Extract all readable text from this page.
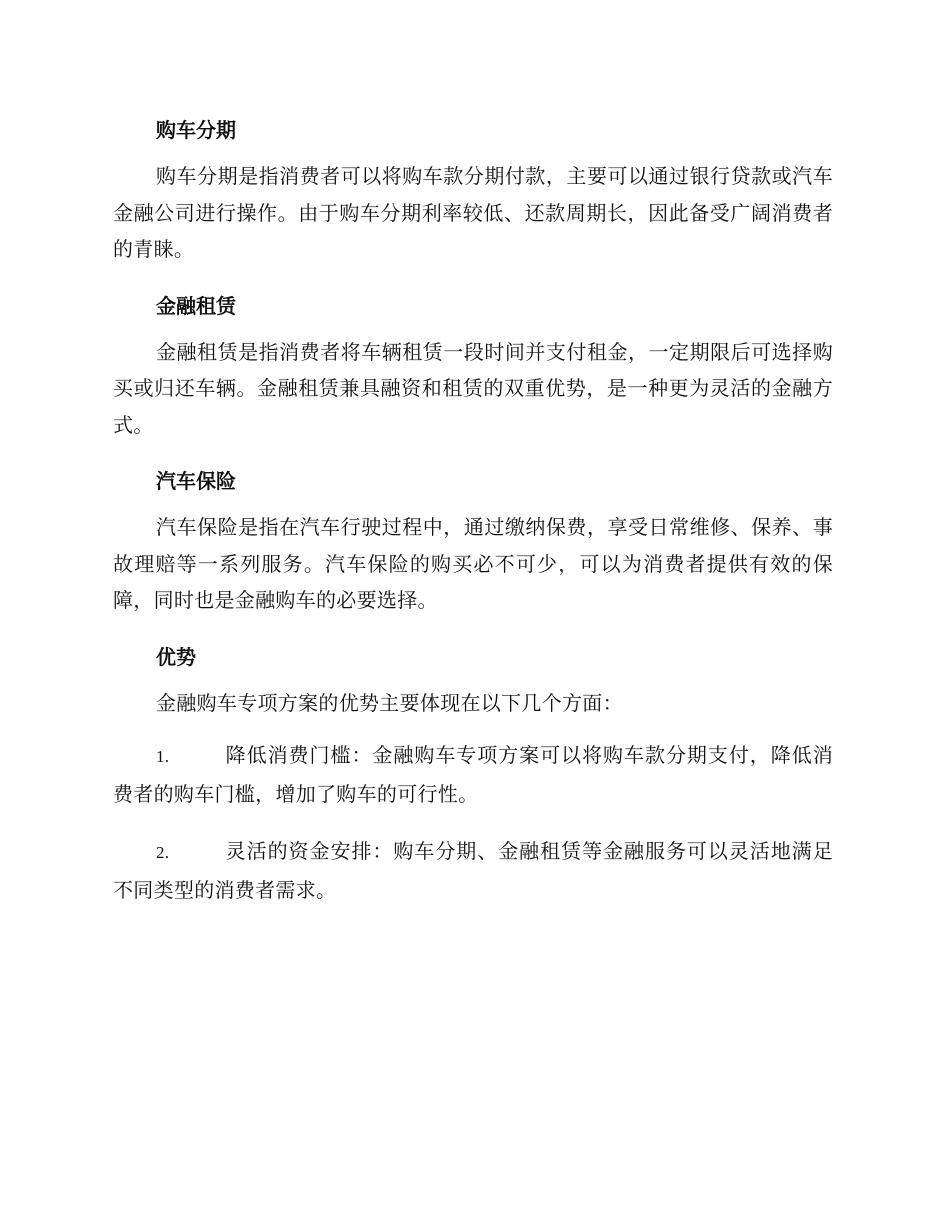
购车分期

购车分期是指消费者可以将购车款分期付款，主要可以通过银行贷款或汽车金融公司进行操作。由于购车分期利率较低、还款周期长，因此备受广阔消费者的青睐。

金融租赁

金融租赁是指消费者将车辆租赁一段时间并支付租金，一定期限后可选择购买或归还车辆。金融租赁兼具融资和租赁的双重优势，是一种更为灵活的金融方式。

汽车保险

汽车保险是指在汽车行驶过程中，通过缴纳保费，享受日常维修、保养、事故理赔等一系列服务。汽车保险的购买必不可少，可以为消费者提供有效的保障，同时也是金融购车的必要选择。

优势

金融购车专项方案的优势主要体现在以下几个方面：

1.	降低消费门槛：金融购车专项方案可以将购车款分期支付，降低消费者的购车门槛，增加了购车的可行性。

2.	灵活的资金安排：购车分期、金融租赁等金融服务可以灵活地满足不同类型的消费者需求。
